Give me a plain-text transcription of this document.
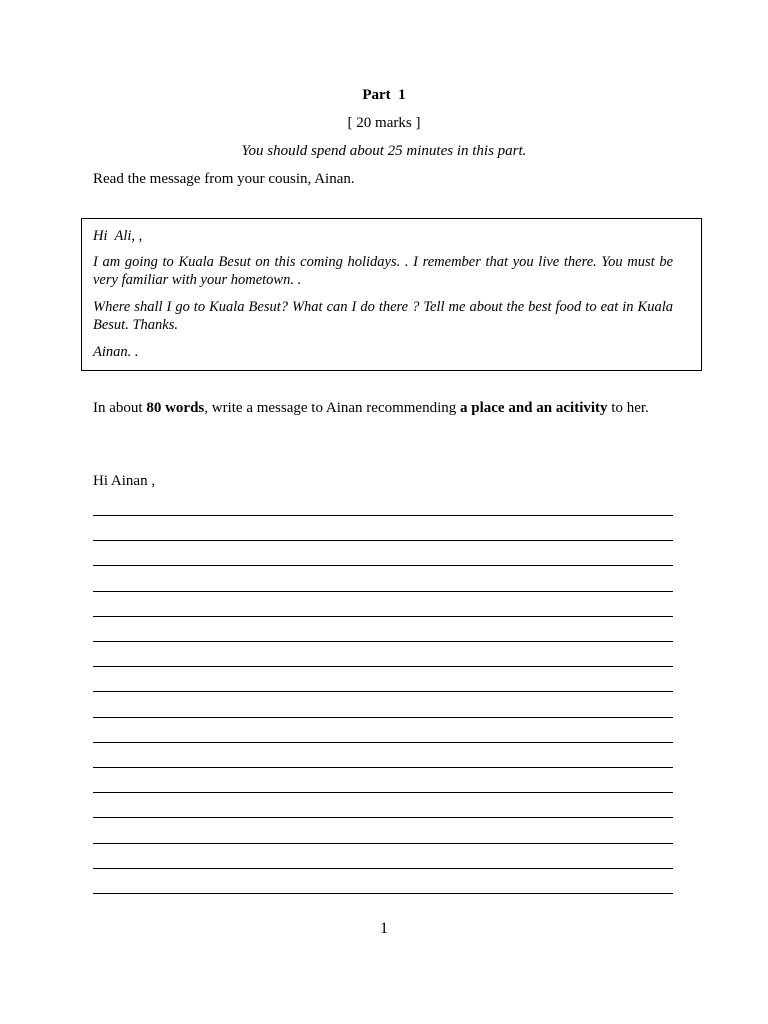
Part  1
[ 20 marks ]
You should spend about 25 minutes in this part.
Read the message from your cousin, Ainan.

Hi  Ali, ,

I am going to Kuala Besut on this coming holidays. . I remember that you live there. You must be very familiar with your hometown. .

Where shall I go to Kuala Besut? What can I do there ? Tell me about the best food to eat in Kuala Besut. Thanks.

Ainan. .

In about 80 words, write a message to Ainan recommending a place and an acitivity to her.
Hi Ainan ,
1
